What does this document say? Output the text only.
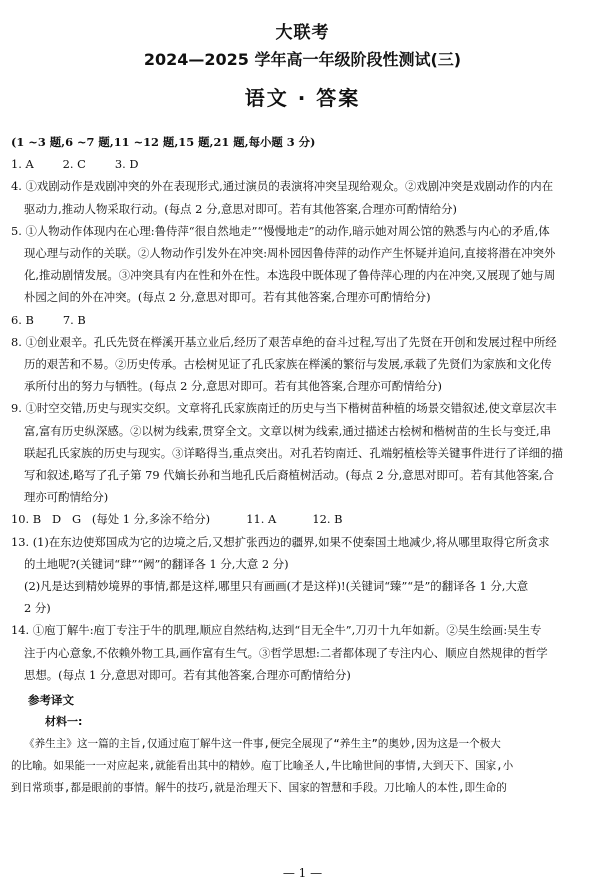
大联考
2024—2025 学年高一年级阶段性测试(三)
语文 · 答案
(1 ~3 题,6 ~7 题,11 ~12 题,15 题,21 题,每小题 3 分)
1. A        2. C        3. D
4. ①戏剧动作是戏剧冲突的外在表现形式,通过演员的表演将冲突呈现给观众。②戏剧冲突是戏剧动作的内在
驱动力,推动人物采取行动。(每点 2 分,意思对即可。若有其他答案,合理亦可酌情给分)
5. ①人物动作体现内在心理:鲁侍萍“很自然地走”“慢慢地走”的动作,暗示她对周公馆的熟悉与内心的矛盾,体
现心理与动作的关联。②人物动作引发外在冲突:周朴园因鲁侍萍的动作产生怀疑并追问,直接将潜在冲突外
化,推动剧情发展。③冲突具有内在性和外在性。本选段中既体现了鲁侍萍心理的内在冲突,又展现了她与周
朴园之间的外在冲突。(每点 2 分,意思对即可。若有其他答案,合理亦可酌情给分)
6. B        7. B
8. ①创业艰辛。孔氏先贤在榉溪开基立业后,经历了艰苦卓绝的奋斗过程,写出了先贤在开创和发展过程中所经
历的艰苦和不易。②历史传承。古桧树见证了孔氏家族在榉溪的繁衍与发展,承载了先贤们为家族和文化传
承所付出的努力与牺牲。(每点 2 分,意思对即可。若有其他答案,合理亦可酌情给分)
9. ①时空交错,历史与现实交织。文章将孔氏家族南迁的历史与当下楷树苗种植的场景交错叙述,使文章层次丰
富,富有历史纵深感。②以树为线索,贯穿全文。文章以树为线索,通过描述古桧树和楷树苗的生长与变迁,串
联起孔氏家族的历史与现实。③详略得当,重点突出。对孔若钧南迁、孔端躬植桧等关键事件进行了详细的描
写和叙述,略写了孔子第 79 代嫡长孙和当地孔氏后裔植树活动。(每点 2 分,意思对即可。若有其他答案,合
理亦可酌情给分)
10. B   D   G   (每处 1 分,多涂不给分)          11. A          12. B
13. (1)在东边使郑国成为它的边境之后,又想扩张西边的疆界,如果不使秦国土地减少,将从哪里取得它所贪求
的土地呢?(关键词“肆”“阙”的翻译各 1 分,大意 2 分)
(2)凡是达到精妙境界的事情,都是这样,哪里只有画画(才是这样)!(关键词“臻”“是”的翻译各 1 分,大意
2 分)
14. ①庖丁解牛:庖丁专注于牛的肌理,顺应自然结构,达到“目无全牛”,刀刃十九年如新。②吴生绘画:吴生专
注于内心意象,不依赖外物工具,画作富有生气。③哲学思想:二者都体现了专注内心、顺应自然规律的哲学
思想。(每点 1 分,意思对即可。若有其他答案,合理亦可酌情给分)
参考译文
材料一:
《养生主》这一篇的主旨,仅通过庖丁解牛这一件事,便完全展现了“养生主”的奥妙,因为这是一个极大
的比喻。如果能一一对应起来,就能看出其中的精妙。庖丁比喻圣人,牛比喻世间的事情,大到天下、国家,小
到日常琐事,都是眼前的事情。解牛的技巧,就是治理天下、国家的智慧和手段。刀比喻人的本性,即生命的
— 1 —
